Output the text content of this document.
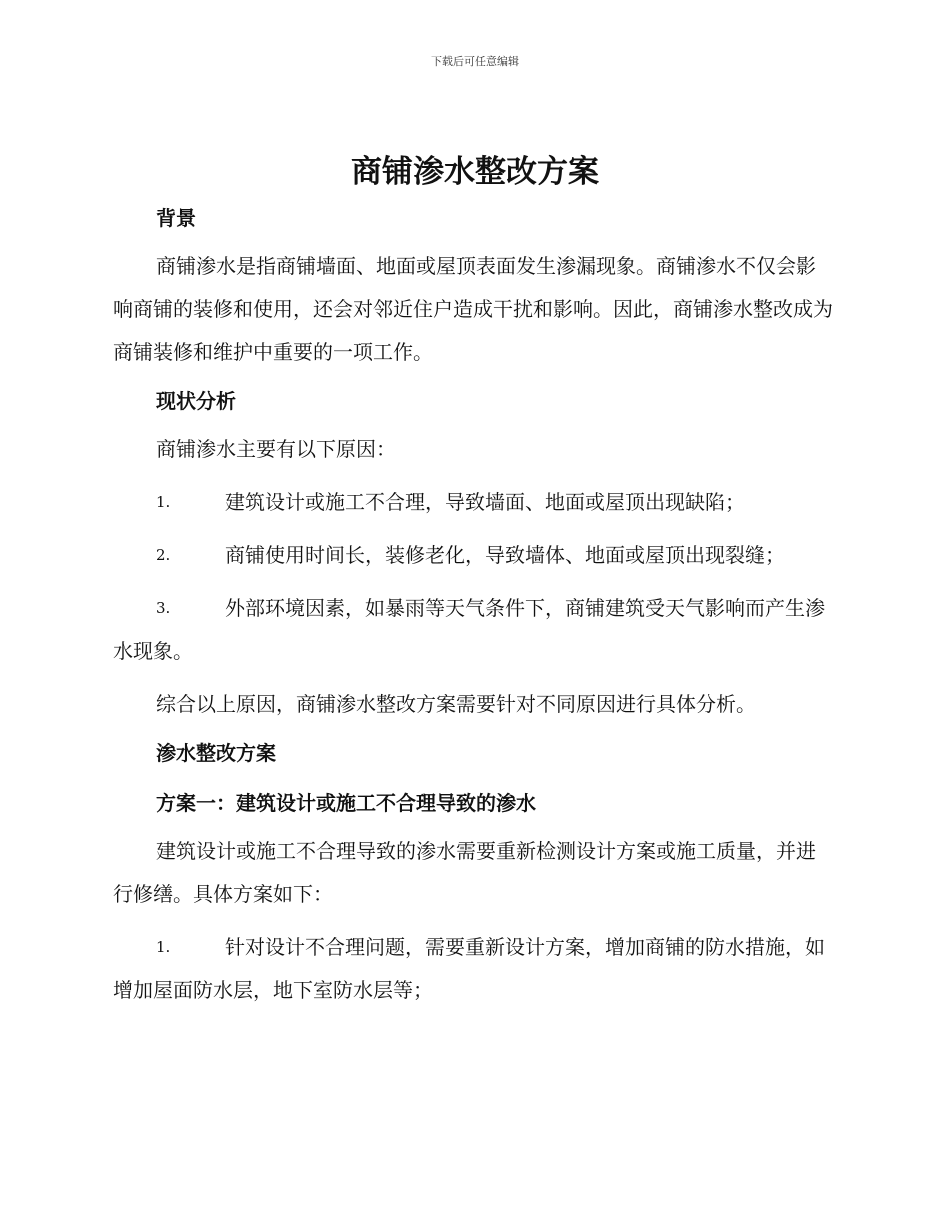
下载后可任意编辑
商铺渗水整改方案
背景

商铺渗水是指商铺墙面、地面或屋顶表面发生渗漏现象。商铺渗水不仅会影响商铺的装修和使用，还会对邻近住户造成干扰和影响。因此，商铺渗水整改成为商铺装修和维护中重要的一项工作。

现状分析

商铺渗水主要有以下原因：

1.	建筑设计或施工不合理，导致墙面、地面或屋顶出现缺陷；

2.	商铺使用时间长，装修老化，导致墙体、地面或屋顶出现裂缝；

3.	外部环境因素，如暴雨等天气条件下，商铺建筑受天气影响而产生渗水现象。

综合以上原因，商铺渗水整改方案需要针对不同原因进行具体分析。

渗水整改方案
方案一：建筑设计或施工不合理导致的渗水

建筑设计或施工不合理导致的渗水需要重新检测设计方案或施工质量，并进行修缮。具体方案如下：

1.	针对设计不合理问题，需要重新设计方案，增加商铺的防水措施，如增加屋面防水层，地下室防水层等；
